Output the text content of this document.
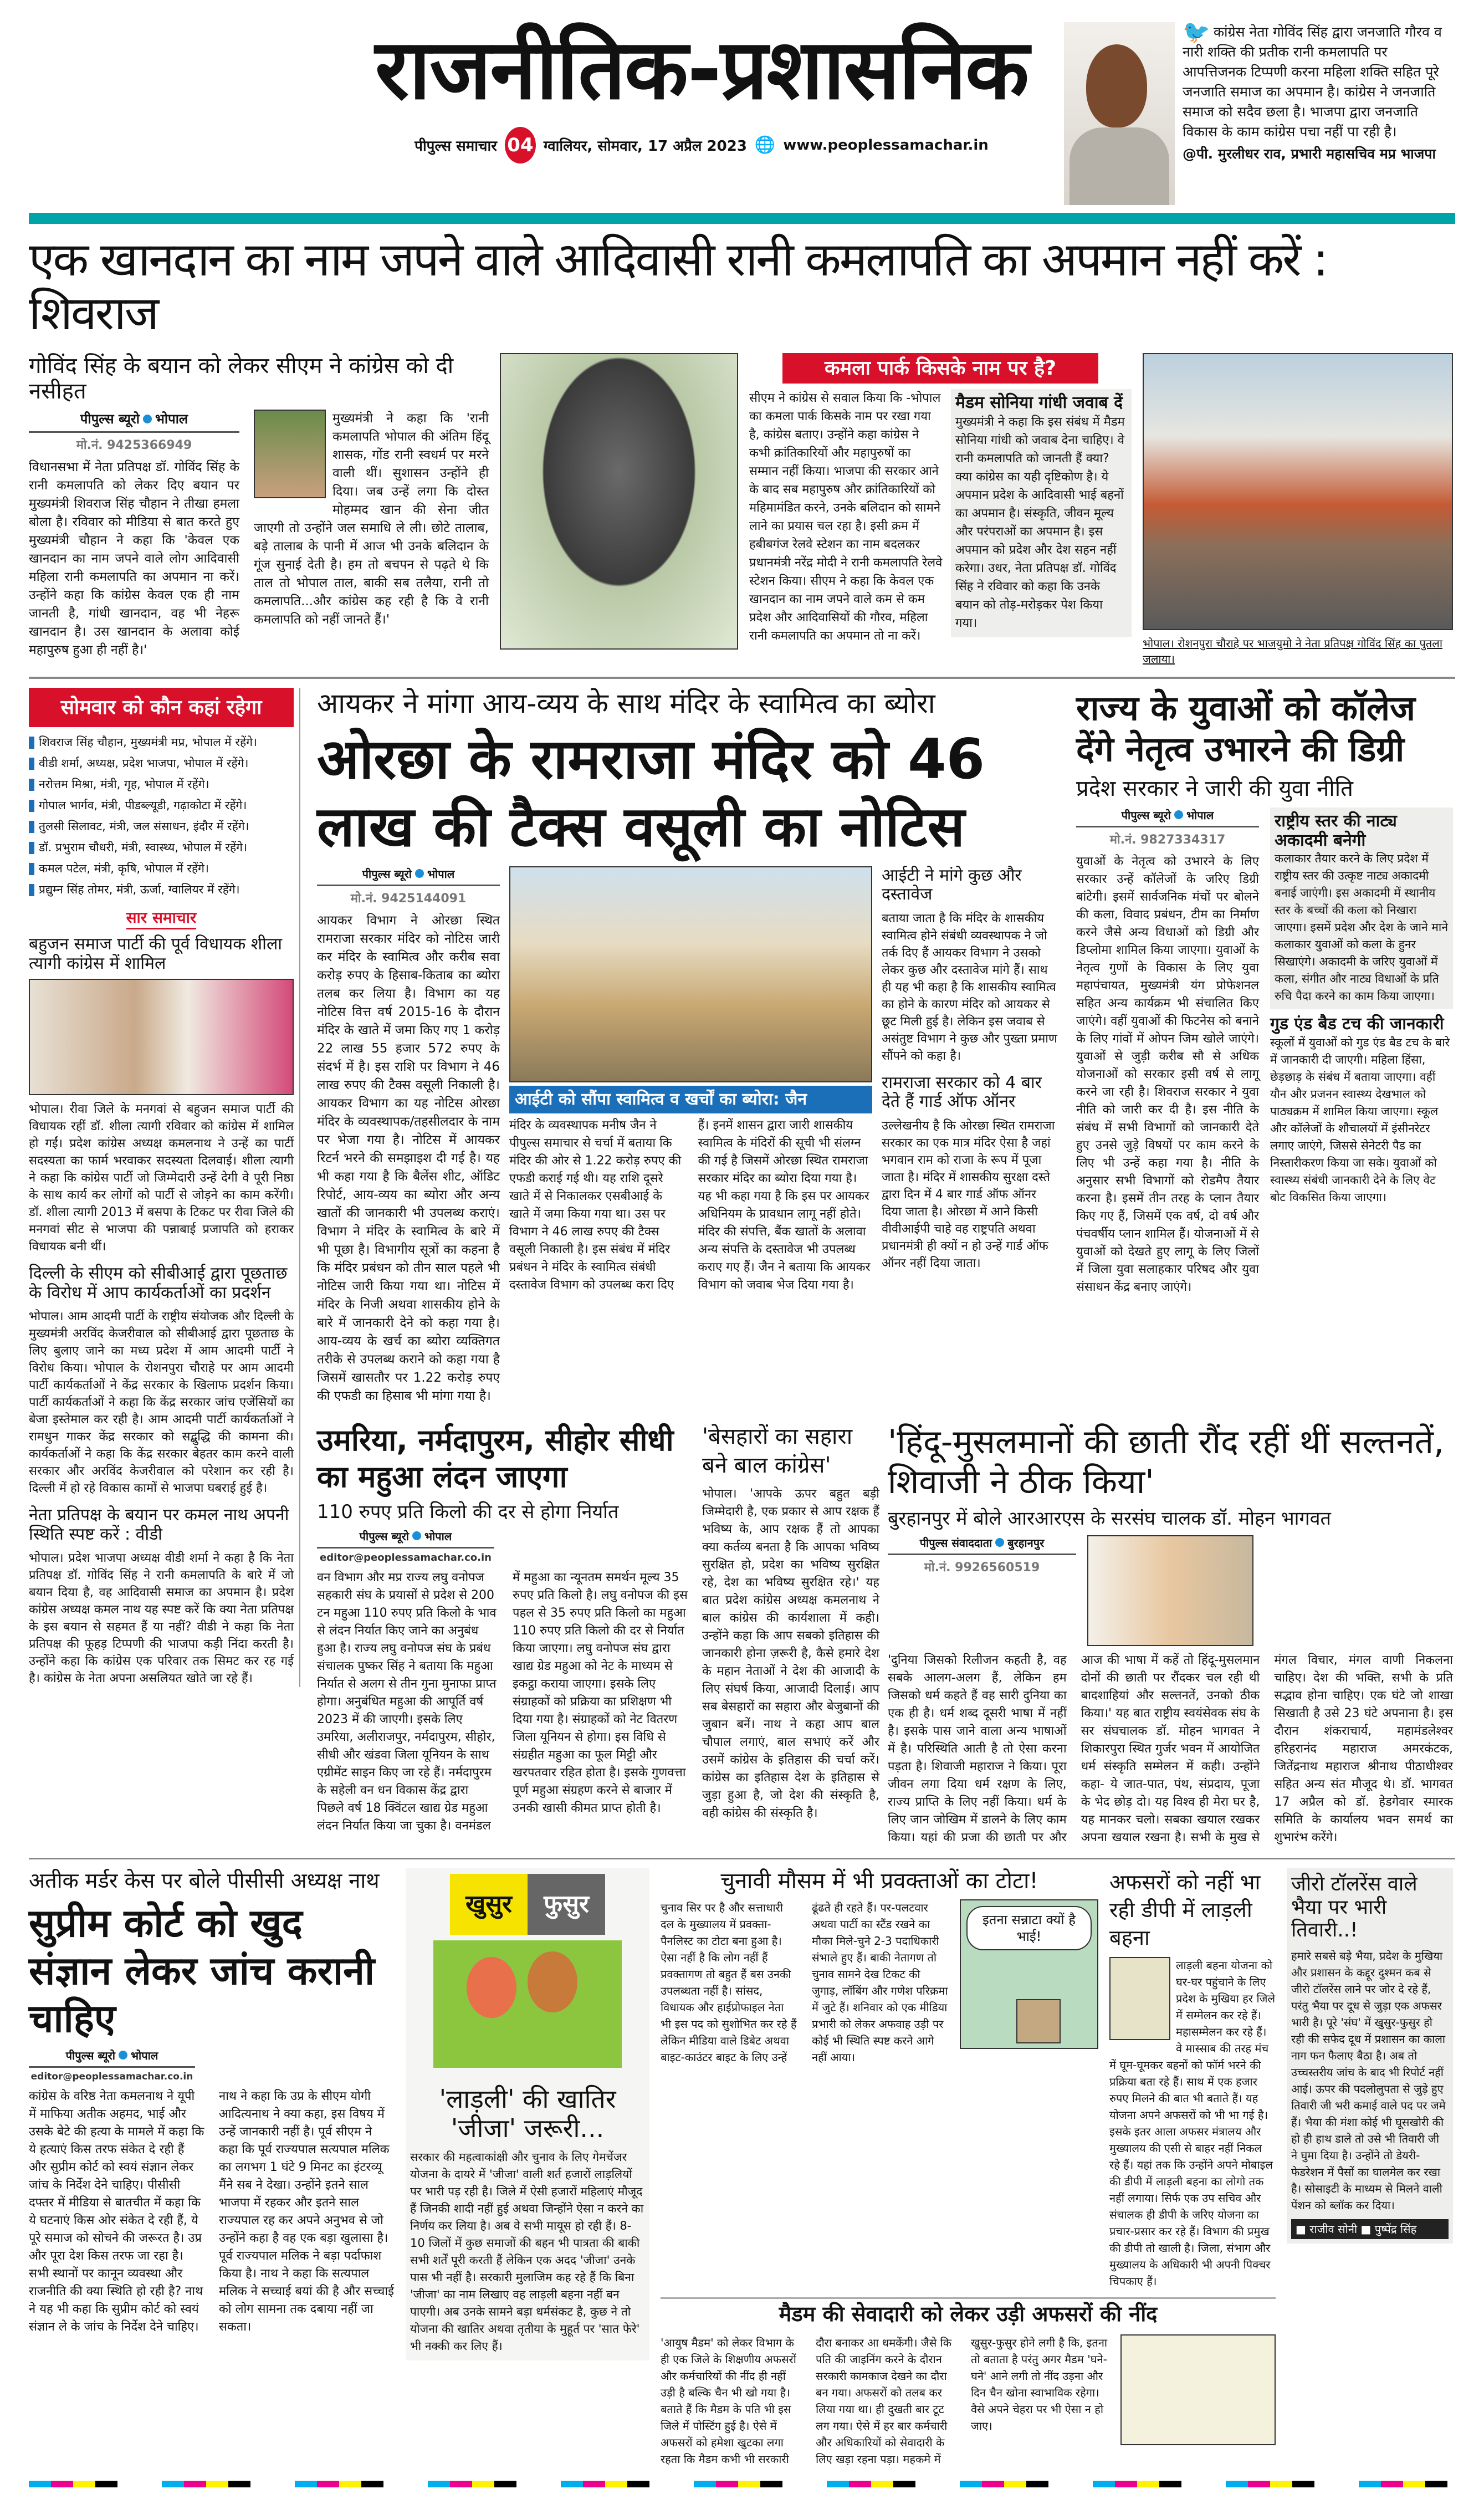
राजनीतिक-प्रशासनिक
पीपुल्स समाचार 04 ग्वालियर, सोमवार, 17 अप्रैल 2023 🌐 www.peoplessamachar.in
🐦 कांग्रेस नेता गोविंद सिंह द्वारा जनजाति गौरव व नारी शक्ति की प्रतीक रानी कमलापति पर आपत्तिजनक टिप्पणी करना महिला शक्ति सहित पूरे जनजाति समाज का अपमान है। कांग्रेस ने जनजाति समाज को सदैव छला है। भाजपा द्वारा जनजाति विकास के काम कांग्रेस पचा नहीं पा रही है।
@पी. मुरलीधर राव, प्रभारी महासचिव मप्र भाजपा
एक खानदान का नाम जपने वाले आदिवासी रानी कमलापति का अपमान नहीं करें : शिवराज
गोविंद सिंह के बयान को लेकर सीएम ने कांग्रेस को दी नसीहत
पीपुल्स ब्यूरो भोपाल
मो.नं. 9425366949
विधानसभा में नेता प्रतिपक्ष डॉ. गोविंद सिंह के रानी कमलापति को लेकर दिए बयान पर मुख्यमंत्री शिवराज सिंह चौहान ने तीखा हमला बोला है। रविवार को मीडिया से बात करते हुए मुख्यमंत्री चौहान ने कहा कि 'केवल एक खानदान का नाम जपने वाले लोग आदिवासी महिला रानी कमलापति का अपमान ना करें। उन्होंने कहा कि कांग्रेस केवल एक ही नाम जानती है, गांधी खानदान, वह भी नेहरू खानदान है। उस खानदान के अलावा कोई महापुरुष हुआ ही नहीं है।'
मुख्यमंत्री ने कहा कि 'रानी कमलापति भोपाल की अंतिम हिंदू शासक, गोंड रानी स्वधर्म पर मरने वाली थीं। सुशासन उन्होंने ही दिया। जब उन्हें लगा कि दोस्त मोहम्मद खान की सेना जीत जाएगी तो उन्होंने जल समाधि ले ली। छोटे तालाब, बड़े तालाब के पानी में आज भी उनके बलिदान के गूंज सुनाई देती है। हम तो बचपन से पढ़ते थे कि ताल तो भोपाल ताल, बाकी सब तलैया, रानी तो कमलापति...और कांग्रेस कह रही है कि वे रानी कमलापति को नहीं जानते हैं।'
कमला पार्क किसके नाम पर है?
सीएम ने कांग्रेस से सवाल किया कि -भोपाल का कमला पार्क किसके नाम पर रखा गया है, कांग्रेस बताए। उन्होंने कहा कांग्रेस ने कभी क्रांतिकारियों और महापुरुषों का सम्मान नहीं किया। भाजपा की सरकार आने के बाद सब महापुरुष और क्रांतिकारियों को महिमामंडित करने, उनके बलिदान को सामने लाने का प्रयास चल रहा है। इसी क्रम में हबीबगंज रेलवे स्टेशन का नाम बदलकर प्रधानमंत्री नरेंद्र मोदी ने रानी कमलापति रेलवे स्टेशन किया। सीएम ने कहा कि केवल एक खानदान का नाम जपने वाले कम से कम प्रदेश और आदिवासियों की गौरव, महिला रानी कमलापति का अपमान तो ना करें।
मैडम सोनिया गांधी जवाब दें
मुख्यमंत्री ने कहा कि इस संबंध में मैडम सोनिया गांधी को जवाब देना चाहिए। वे रानी कमलापति को जानती हैं क्या? क्या कांग्रेस का यही दृष्टिकोण है। ये अपमान प्रदेश के आदिवासी भाई बहनों का अपमान है। संस्कृति, जीवन मूल्य और परंपराओं का अपमान है। इस अपमान को प्रदेश और देश सहन नहीं करेगा। उधर, नेता प्रतिपक्ष डॉ. गोविंद सिंह ने रविवार को कहा कि उनके बयान को तोड़-मरोड़कर पेश किया गया।
भोपाल। रोशनपुरा चौराहे पर भाजयुमो ने नेता प्रतिपक्ष गोविंद सिंह का पुतला जलाया।
सोमवार को कौन कहां रहेगा
शिवराज सिंह चौहान, मुख्यमंत्री मप्र, भोपाल में रहेंगे।
वीडी शर्मा, अध्यक्ष, प्रदेश भाजपा, भोपाल में रहेंगे।
नरोत्तम मिश्रा, मंत्री, गृह, भोपाल में रहेंगे।
गोपाल भार्गव, मंत्री, पीडब्ल्यूडी, गढ़ाकोटा में रहेंगे।
तुलसी सिलावट, मंत्री, जल संसाधन, इंदौर में रहेंगे।
डॉ. प्रभुराम चौधरी, मंत्री, स्वास्थ्य, भोपाल में रहेंगे।
कमल पटेल, मंत्री, कृषि, भोपाल में रहेंगे।
प्रद्युम्न सिंह तोमर, मंत्री, ऊर्जा, ग्वालियर में रहेंगे।
सार समाचार
बहुजन समाज पार्टी की पूर्व विधायक शीला त्यागी कांग्रेस में शामिल
भोपाल। रीवा जिले के मनगवां से बहुजन समाज पार्टी की विधायक रहीं डॉ. शीला त्यागी रविवार को कांग्रेस में शामिल हो गईं। प्रदेश कांग्रेस अध्यक्ष कमलनाथ ने उन्हें का पार्टी सदस्यता का फार्म भरवाकर सदस्यता दिलवाई। शीला त्यागी ने कहा कि कांग्रेस पार्टी जो जिम्मेदारी उन्हें देगी वे पूरी निष्ठा के साथ कार्य कर लोगों को पार्टी से जोड़ने का काम करेंगी। डॉ. शीला त्यागी 2013 में बसपा के टिकट पर रीवा जिले की मनगवां सीट से भाजपा की पन्नाबाई प्रजापति को हराकर विधायक बनी थीं।
दिल्ली के सीएम को सीबीआई द्वारा पूछताछ के विरोध में आप कार्यकर्ताओं का प्रदर्शन
भोपाल। आम आदमी पार्टी के राष्ट्रीय संयोजक और दिल्ली के मुख्यमंत्री अरविंद केजरीवाल को सीबीआई द्वारा पूछताछ के लिए बुलाए जाने का मध्य प्रदेश में आम आदमी पार्टी ने विरोध किया। भोपाल के रोशनपुरा चौराहे पर आम आदमी पार्टी कार्यकर्ताओं ने केंद्र सरकार के खिलाफ प्रदर्शन किया। पार्टी कार्यकर्ताओं ने कहा कि केंद्र सरकार जांच एजेंसियों का बेजा इस्तेमाल कर रही है। आम आदमी पार्टी कार्यकर्ताओं ने रामधुन गाकर केंद्र सरकार को सद्बुद्धि की कामना की। कार्यकर्ताओं ने कहा कि केंद्र सरकार बेहतर काम करने वाली सरकार और अरविंद केजरीवाल को परेशान कर रही है। दिल्ली में हो रहे विकास कामों से भाजपा घबराई हुई है।
नेता प्रतिपक्ष के बयान पर कमल नाथ अपनी स्थिति स्पष्ट करें : वीडी
भोपाल। प्रदेश भाजपा अध्यक्ष वीडी शर्मा ने कहा है कि नेता प्रतिपक्ष डॉ. गोविंद सिंह ने रानी कमलापति के बारे में जो बयान दिया है, वह आदिवासी समाज का अपमान है। प्रदेश कांग्रेस अध्यक्ष कमल नाथ यह स्पष्ट करें कि क्या नेता प्रतिपक्ष के इस बयान से सहमत हैं या नहीं? वीडी ने कहा कि नेता प्रतिपक्ष की फूहड़ टिप्पणी की भाजपा कड़ी निंदा करती है। उन्होंने कहा कि कांग्रेस एक परिवार तक सिमट कर रह गई है। कांग्रेस के नेता अपना असलियत खोते जा रहे हैं।
आयकर ने मांगा आय-व्यय के साथ मंदिर के स्वामित्व का ब्योरा
ओरछा के रामराजा मंदिर को 46 लाख की टैक्स वसूली का नोटिस
पीपुल्स ब्यूरो भोपाल
मो.नं. 9425144091
आयकर विभाग ने ओरछा स्थित रामराजा सरकार मंदिर को नोटिस जारी कर मंदिर के स्वामित्व और करीब सवा करोड़ रुपए के हिसाब-किताब का ब्योरा तलब कर लिया है। विभाग का यह नोटिस वित्त वर्ष 2015-16 के दौरान मंदिर के खाते में जमा किए गए 1 करोड़ 22 लाख 55 हजार 572 रुपए के संदर्भ में है। इस राशि पर विभाग ने 46 लाख रुपए की टैक्स वसूली निकाली है। आयकर विभाग का यह नोटिस ओरछा मंदिर के व्यवस्थापक/तहसीलदार के नाम पर भेजा गया है। नोटिस में आयकर रिटर्न भरने की समझाइश दी गई है। यह भी कहा गया है कि बैलेंस शीट, ऑडिट रिपोर्ट, आय-व्यय का ब्योरा और अन्य खातों की जानकारी भी उपलब्ध कराएं। विभाग ने मंदिर के स्वामित्व के बारे में भी पूछा है। विभागीय सूत्रों का कहना है कि मंदिर प्रबंधन को तीन साल पहले भी नोटिस जारी किया गया था। नोटिस में मंदिर के निजी अथवा शासकीय होने के बारे में जानकारी देने को कहा गया है। आय-व्यय के खर्च का ब्योरा व्यक्तिगत तरीके से उपलब्ध कराने को कहा गया है जिसमें खासतौर पर 1.22 करोड़ रुपए की एफडी का हिसाब भी मांगा गया है।
आईटी को सौंपा स्वामित्व व खर्चों का ब्योरा: जैन
मंदिर के व्यवस्थापक मनीष जैन ने पीपुल्स समाचार से चर्चा में बताया कि मंदिर की ओर से 1.22 करोड़ रुपए की एफडी कराई गई थी। यह राशि दूसरे खाते में से निकालकर एसबीआई के खाते में जमा किया गया था। उस पर विभाग ने 46 लाख रुपए की टैक्स वसूली निकाली है। इस संबंध में मंदिर प्रबंधन ने मंदिर के स्वामित्व संबंधी दस्तावेज विभाग को उपलब्ध करा दिए हैं। इनमें शासन द्वारा जारी शासकीय स्वामित्व के मंदिरों की सूची भी संलग्न की गई है जिसमें ओरछा स्थित रामराजा सरकार मंदिर का ब्योरा दिया गया है। यह भी कहा गया है कि इस पर आयकर अधिनियम के प्रावधान लागू नहीं होते। मंदिर की संपत्ति, बैंक खातों के अलावा अन्य संपत्ति के दस्तावेज भी उपलब्ध कराए गए हैं। जैन ने बताया कि आयकर विभाग को जवाब भेज दिया गया है।
आईटी ने मांगे कुछ और दस्तावेज
बताया जाता है कि मंदिर के शासकीय स्वामित्व होने संबंधी व्यवस्थापक ने जो तर्क दिए हैं आयकर विभाग ने उसको लेकर कुछ और दस्तावेज मांगे हैं। साथ ही यह भी कहा है कि शासकीय स्वामित्व का होने के कारण मंदिर को आयकर से छूट मिली हुई है। लेकिन इस जवाब से असंतुष्ट विभाग ने कुछ और पुख्ता प्रमाण सौंपने को कहा है।
रामराजा सरकार को 4 बार देते हैं गार्ड ऑफ ऑनर
उल्लेखनीय है कि ओरछा स्थित रामराजा सरकार का एक मात्र मंदिर ऐसा है जहां भगवान राम को राजा के रूप में पूजा जाता है। मंदिर में शासकीय सुरक्षा दस्ते द्वारा दिन में 4 बार गार्ड ऑफ ऑनर दिया जाता है। ओरछा में आने किसी वीवीआईपी चाहे वह राष्ट्रपति अथवा प्रधानमंत्री ही क्यों न हो उन्हें गार्ड ऑफ ऑनर नहीं दिया जाता।
राज्य के युवाओं को कॉलेज देंगे नेतृत्व उभारने की डिग्री
प्रदेश सरकार ने जारी की युवा नीति
पीपुल्स ब्यूरो भोपाल
मो.नं. 9827334317
युवाओं के नेतृत्व को उभारने के लिए सरकार उन्हें कॉलेजों के जरिए डिग्री बांटेगी। इसमें सार्वजनिक मंचों पर बोलने की कला, विवाद प्रबंधन, टीम का निर्माण करने जैसे अन्य विधाओं को डिग्री और डिप्लोमा शामिल किया जाएगा। युवाओं के नेतृत्व गुणों के विकास के लिए युवा महापंचायत, मुख्यमंत्री यंग प्रोफेशनल सहित अन्य कार्यक्रम भी संचालित किए जाएंगे। वहीं युवाओं की फिटनेस को बनाने के लिए गांवों में ओपन जिम खोले जाएंगे। युवाओं से जुड़ी करीब सौ से अधिक योजनाओं को सरकार इसी वर्ष से लागू करने जा रही है। शिवराज सरकार ने युवा नीति को जारी कर दी है। इस नीति के संबंध में सभी विभागों को जानकारी देते हुए उनसे जुड़े विषयों पर काम करने के लिए भी उन्हें कहा गया है। नीति के अनुसार सभी विभागों को रोडमैप तैयार करना है। इसमें तीन तरह के प्लान तैयार किए गए हैं, जिसमें एक वर्ष, दो वर्ष और पंचवर्षीय प्लान शामिल हैं। योजनाओं में से युवाओं को देखते हुए लागू के लिए जिलों में जिला युवा सलाहकार परिषद और युवा संसाधन केंद्र बनाए जाएंगे।
राष्ट्रीय स्तर की नाट्य अकादमी बनेगी
कलाकार तैयार करने के लिए प्रदेश में राष्ट्रीय स्तर की उत्कृष्ट नाट्य अकादमी बनाई जाएंगी। इस अकादमी में स्थानीय स्तर के बच्चों की कला को निखारा जाएगा। इसमें प्रदेश और देश के जाने माने कलाकार युवाओं को कला के हुनर सिखाएंगे। अकादमी के जरिए युवाओं में कला, संगीत और नाट्य विधाओं के प्रति रुचि पैदा करने का काम किया जाएगा।
गुड एंड बैड टच की जानकारी
स्कूलों में युवाओं को गुड एंड बैड टच के बारे में जानकारी दी जाएगी। महिला हिंसा, छेड़छाड़ के संबंध में बताया जाएगा। वहीं यौन और प्रजनन स्वास्थ्य देखभाल को पाठ्यक्रम में शामिल किया जाएगा। स्कूल और कॉलेजों के शौचालयों में इंसीनरेटर लगाए जाएंगे, जिससे सेनेटरी पैड का निस्तारीकरण किया जा सके। युवाओं को स्वास्थ्य संबंधी जानकारी देने के लिए वेट बोट विकसित किया जाएगा।
उमरिया, नर्मदापुरम, सीहोर सीधी का महुआ लंदन जाएगा
110 रुपए प्रति किलो की दर से होगा निर्यात
पीपुल्स ब्यूरो भोपाल
editor@peoplessamachar.co.in
वन विभाग और मप्र राज्य लघु वनोपज सहकारी संघ के प्रयासों से प्रदेश से 200 टन महुआ 110 रुपए प्रति किलो के भाव से लंदन निर्यात किए जाने का अनुबंध हुआ है। राज्य लघु वनोपज संघ के प्रबंध संचालक पुष्कर सिंह ने बताया कि महुआ निर्यात से अलग से तीन गुना मुनाफा प्राप्त होगा। अनुबंधित महुआ की आपूर्ति वर्ष 2023 में की जाएगी। इसके लिए उमरिया, अलीराजपुर, नर्मदापुरम, सीहोर, सीधी और खंडवा जिला यूनियन के साथ एग्रीमेंट साइन किए जा रहे हैं। नर्मदापुरम के सहेली वन धन विकास केंद्र द्वारा पिछले वर्ष 18 क्विंटल खाद्य ग्रेड महुआ लंदन निर्यात किया जा चुका है। वनमंडल में महुआ का न्यूनतम समर्थन मूल्य 35 रुपए प्रति किलो है। लघु वनोपज की इस पहल से 35 रुपए प्रति किलो का महुआ 110 रुपए प्रति किलो की दर से निर्यात किया जाएगा। लघु वनोपज संघ द्वारा खाद्य ग्रेड महुआ को नेट के माध्यम से इकट्ठा कराया जाएगा। इसके लिए संग्राहकों को प्रक्रिया का प्रशिक्षण भी दिया गया है। संग्राहकों को नेट वितरण जिला यूनियन से होगा। इस विधि से संग्रहीत महुआ का फूल मिट्टी और खरपतवार रहित होता है। इसके गुणवत्ता पूर्ण महुआ संग्रहण करने से बाजार में उनकी खासी कीमत प्राप्त होती है।
'बेसहारों का सहारा बने बाल कांग्रेस'
भोपाल। 'आपके ऊपर बहुत बड़ी जिम्मेदारी है, एक प्रकार से आप रक्षक हैं भविष्य के, आप रक्षक हैं तो आपका क्या कर्तव्य बनता है कि आपका भविष्य सुरक्षित हो, प्रदेश का भविष्य सुरक्षित रहे, देश का भविष्य सुरक्षित रहे।' यह बात प्रदेश कांग्रेस अध्यक्ष कमलनाथ ने बाल कांग्रेस की कार्यशाला में कही। उन्होंने कहा कि आप सबको इतिहास की जानकारी होना ज़रूरी है, कैसे हमारे देश के महान नेताओं ने देश की आजादी के लिए संघर्ष किया, आजादी दिलाई। आप सब बेसहारों का सहारा और बेजुबानों की जुबान बनें। नाथ ने कहा आप बाल चौपाल लगाएं, बाल सभाएं करें और उसमें कांग्रेस के इतिहास की चर्चा करें। कांग्रेस का इतिहास देश के इतिहास से जुड़ा हुआ है, जो देश की संस्कृति है, वही कांग्रेस की संस्कृति है।
'हिंदू-मुसलमानों की छाती रौंद रहीं थीं सल्तनतें, शिवाजी ने ठीक किया'
बुरहानपुर में बोले आरआरएस के सरसंघ चालक डॉ. मोहन भागवत
पीपुल्स संवाददाता बुरहानपुर
मो.नं. 9926560519
'दुनिया जिसको रिलीजन कहती है, वह सबके आलग-अलग हैं, लेकिन हम जिसको धर्म कहते हैं वह सारी दुनिया का एक ही है। धर्म शब्द दूसरी भाषा में नहीं है। इसके पास जाने वाला अन्य भाषाओं में है। परिस्थिति आती है तो ऐसा करना पड़ता है। शिवाजी महाराज ने किया। पूरा जीवन लगा दिया धर्म रक्षण के लिए, राज्य प्राप्ति के लिए नहीं किया। धर्म के लिए जान जोखिम में डालने के लिए काम किया। यहां की प्रजा की छाती पर और आज की भाषा में कहें तो हिंदू-मुसलमान दोनों की छाती पर रौंदकर चल रही थी बादशाहियां और सल्तनतें, उनको ठीक किया।' यह बात राष्ट्रीय स्वयंसेवक संघ के सर संघचालक डॉ. मोहन भागवत ने शिकारपुरा स्थित गुर्जर भवन में आयोजित धर्म संस्कृति सम्मेलन में कही। उन्होंने कहा- ये जात-पात, पंथ, संप्रदाय, पूजा के भेद छोड़ दो। यह विश्व ही मेरा घर है, यह मानकर चलो। सबका खयाल रखकर अपना खयाल रखना है। सभी के मुख से मंगल विचार, मंगल वाणी निकलना चाहिए। देश की भक्ति, सभी के प्रति सद्भाव होना चाहिए। एक घंटे जो शाखा सिखाती है उसे 23 घंटे अपनाना है। इस दौरान शंकराचार्य, महामंडलेश्वर हरिहरानंद महाराज अमरकंटक, जितेंद्रनाथ महाराज श्रीनाथ पीठाधीश्वर सहित अन्य संत मौजूद थे। डॉ. भागवत 17 अप्रैल को डॉ. हेडगेवार स्मारक समिति के कार्यालय भवन समर्थ का शुभारंभ करेंगे।
अतीक मर्डर केस पर बोले पीसीसी अध्यक्ष नाथ
सुप्रीम कोर्ट को खुद संज्ञान लेकर जांच करानी चाहिए
पीपुल्स ब्यूरो भोपाल
editor@peoplessamachar.co.in
कांग्रेस के वरिष्ठ नेता कमलनाथ ने यूपी में माफिया अतीक अहमद, भाई और उसके बेटे की हत्या के मामले में कहा कि ये हत्याएं किस तरफ संकेत दे रही हैं और सुप्रीम कोर्ट को स्वयं संज्ञान लेकर जांच के निर्देश देने चाहिए। पीसीसी दफ्तर में मीडिया से बातचीत में कहा कि ये घटनाएं किस ओर संकेत दे रही हैं, ये पूरे समाज को सोचने की जरूरत है। उप्र और पूरा देश किस तरफ जा रहा है। सभी स्थानों पर कानून व्यवस्था और राजनीति की क्या स्थिति हो रही है? नाथ ने यह भी कहा कि सुप्रीम कोर्ट को स्वयं संज्ञान ले के जांच के निर्देश देने चाहिए। नाथ ने कहा कि उप्र के सीएम योगी आदित्यनाथ ने क्या कहा, इस विषय में उन्हें जानकारी नहीं है। पूर्व सीएम ने कहा कि पूर्व राज्यपाल सत्यपाल मलिक का लगभग 1 घंटे 9 मिनट का इंटरव्यू मैंने सब ने देखा। उन्होंने इतने साल भाजपा में रहकर और इतने साल राज्यपाल रह कर अपने अनुभव से जो उन्होंने कहा है वह एक बड़ा खुलासा है। पूर्व राज्यपाल मलिक ने बड़ा पर्दाफाश किया है। नाथ ने कहा कि सत्यपाल मलिक ने सच्चाई बयां की है और सच्चाई को लोग सामना तक दबाया नहीं जा सकता।
खुसुर	फुसुर
'लाड़ली' की खातिर 'जीजा' जरूरी...
सरकार की महत्वाकांक्षी और चुनाव के लिए गेमचेंजर योजना के दायरे में 'जीजा' वाली शर्त हजारों लाड़लियों पर भारी पड़ रही है। जिले में ऐसी हजारों महिलाएं मौजूद हैं जिनकी शादी नहीं हुई अथवा जिन्होंने ऐसा न करने का निर्णय कर लिया है। अब वे सभी मायूस हो रही हैं। 8-10 जिलों में कुछ समाजों की बहन भी पात्रता की बाकी सभी शर्तें पूरी करती हैं लेकिन एक अदद 'जीजा' उनके पास भी नहीं है। सरकारी मुलाजिम कह रहे हैं कि बिना 'जीजा' का नाम लिखाए वह लाड़ली बहना नहीं बन पाएगी। अब उनके सामने बड़ा धर्मसंकट है, कुछ ने तो योजना की खातिर अथवा तृतीया के मुहूर्त पर 'सात फेरे' भी नक्की कर लिए हैं।
चुनावी मौसम में भी प्रवक्ताओं का टोटा!
चुनाव सिर पर है और सत्ताधारी दल के मुख्यालय में प्रवक्ता-पैनलिस्ट का टोटा बना हुआ है। ऐसा नहीं है कि लोग नहीं हैं प्रवक्तागण तो बहुत हैं बस उनकी उपलब्धता नहीं है। सांसद, विधायक और हाईप्रोफाइल नेता भी इस पद को सुशोभित कर रहे हैं लेकिन मीडिया वाले डिबेट अथवा बाइट-काउंटर बाइट के लिए उन्हें ढूंढते ही रहते हैं। पर-पलटवार अथवा पार्टी का स्टैंड रखने का मौका मिले-चुने 2-3 पदाधिकारी संभाले हुए हैं। बाकी नेतागण तो चुनाव सामने देख टिकट की जुगाड़, लॉबिंग और गणेश परिक्रमा में जुटे हैं। शनिवार को एक मीडिया प्रभारी को लेकर अफवाह उड़ी पर कोई भी स्थिति स्पष्ट करने आगे नहीं आया।
इतना सन्नाटा क्यों है भाई!
अफसरों को नहीं भा रही डीपी में लाड़ली बहना
लाड़ली बहना योजना को घर-घर पहुंचाने के लिए प्रदेश के मुखिया हर जिले में सम्मेलन कर रहे हैं। महासम्मेलन कर रहे हैं। वे मास्साब की तरह मंच में घूम-घूमकर बहनों को फॉर्म भरने की प्रक्रिया बता रहे हैं। साथ में एक हजार रुपए मिलने की बात भी बताते हैं। यह योजना अपने अफसरों को भी भा गई है। इसके इतर आला अफसर मंत्रालय और मुख्यालय की एसी से बाहर नहीं निकल रहे हैं। यहां तक कि उन्होंने अपने मोबाइल की डीपी में लाड़ली बहना का लोगो तक नहीं लगाया। सिर्फ एक उप सचिव और संचालक ही डीपी के जरिए योजना का प्रचार-प्रसार कर रहे हैं। विभाग की प्रमुख की डीपी तो खाली है। जिला, संभाग और मुख्यालय के अधिकारी भी अपनी पिक्चर चिपकाए हैं।
मैडम की सेवादारी को लेकर उड़ी अफसरों की नींद
'आयुष मैडम' को लेकर विभाग के ही एक जिले के शिक्षणीय अफसरों और कर्मचारियों की नींद ही नहीं उड़ी है बल्कि चैन भी खो गया है। बताते हैं कि मैडम के पति भी इस जिले में पोस्टिंग हुई है। ऐसे में अफसरों को हमेशा खुटका लगा रहता कि मैडम कभी भी सरकारी दौरा बनाकर आ धमकेंगी। जैसे कि पति की जाइनिंग करने के दौरान सरकारी कामकाज देखने का दौरा बन गया। अफसरों को तलब कर लिया गया था। ही दुखती बार टूट लग गया। ऐसे में हर बार कर्मचारी और अधिकारियों को सेवादारी के लिए खड़ा रहना पड़ा। महकमे में खुसुर-फुसुर होने लगी है कि, इतना तो बताता है परंतु अगर मैडम 'घने-घने' आने लगी तो नींद उड़ना और दिन चैन खोना स्वाभाविक रहेगा। वैसे अपने चेहरा पर भी ऐसा न हो जाए।
जीरो टॉलरेंस वाले भैया पर भारी तिवारी..!
हमारे सबसे बड़े भैया, प्रदेश के मुखिया और प्रशासन के कद्दूर दुश्मन कब से जीरो टॉलरेंस लाने पर जोर दे रहे हैं, परंतु भैया पर दूध से जुड़ा एक अफसर भारी है। पूरे 'संघ' में खुसुर-फुसुर हो रही की सफेद दूध में प्रशासन का काला नाग फन फैलाए बैठा है। अब तो उच्चस्तरीय जांच के बाद भी रिपोर्ट नहीं आई। ऊपर की पदलोलुपता से जुड़े हुए तिवारी जी भरी कमाई वाले पद पर जमे हैं। भैया की मंशा कोई भी घूसखोरी की हो ही हाथ डाले तो उसे भी तिवारी जी ने घुमा दिया है। उन्होंने तो डेयरी-फेडरेशन में पैसों का घालमेल कर रखा है। सोसाइटी के माध्यम से मिलने वाली पेंशन को ब्लॉक कर दिया।
■ राजीव सोनी ■ पुष्पेंद्र सिंह
